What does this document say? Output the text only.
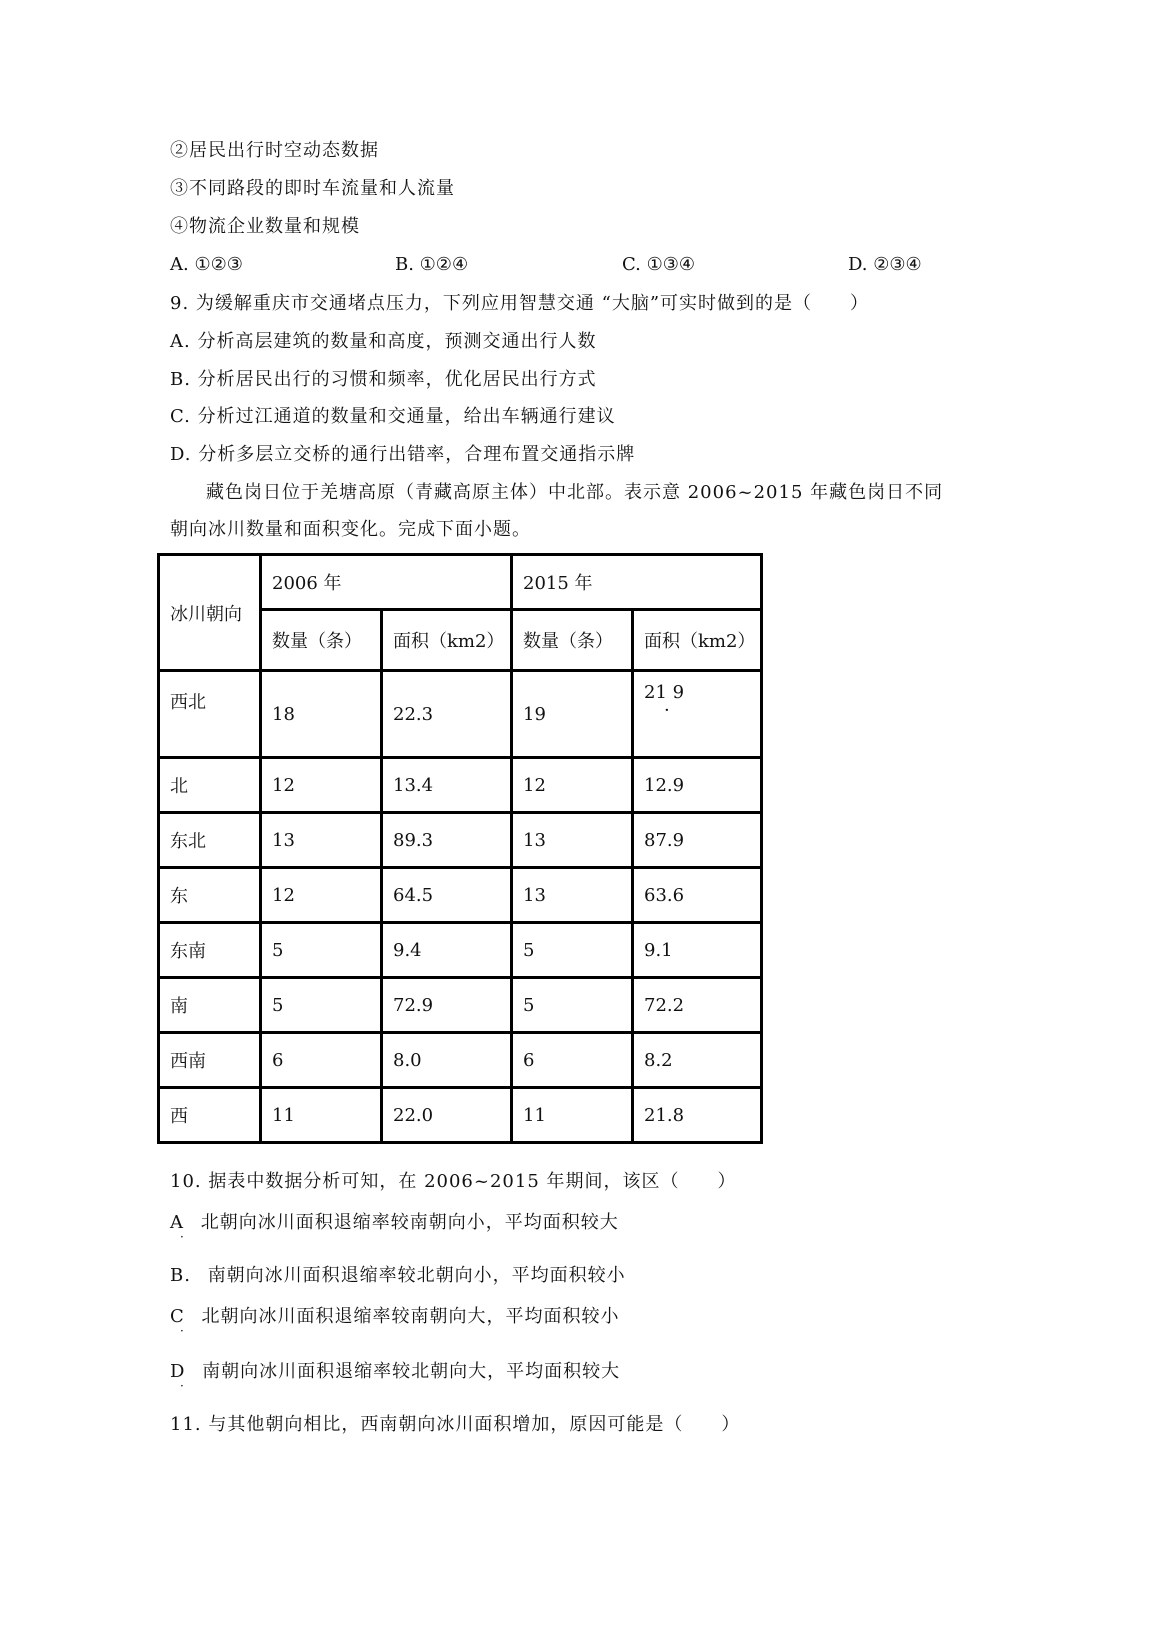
②居民出行时空动态数据
③不同路段的即时车流量和人流量
④物流企业数量和规模
A. ①②③	B. ①②④	C. ①③④	D. ②③④
9. 为缓解重庆市交通堵点压力，下列应用智慧交通 “大脑”可实时做到的是（　　）
A. 分析高层建筑的数量和高度，预测交通出行人数
B. 分析居民出行的习惯和频率，优化居民出行方式
C. 分析过江通道的数量和交通量，给出车辆通行建议
D. 分析多层立交桥的通行出错率，合理布置交通指示牌
藏色岗日位于羌塘高原（青藏高原主体）中北部。表示意 2006~2015 年藏色岗日不同
朝向冰川数量和面积变化。完成下面小题。
冰川朝向	2006 年		2015 年	
	数量（条）	面积（km2）	数量（条）	面积（km2）
西北	18	22.3	19	21 9
·
北	12	13.4	12	12.9
东北	13	89.3	13	87.9
东	12	64.5	13	63.6
东南	5	9.4	5	9.1
南	5	72.9	5	72.2
西南	6	8.0	6	8.2
西	11	22.0	11	21.8
10. 据表中数据分析可知，在 2006~2015 年期间，该区（　　）
A 北朝向冰川面积退缩率较南朝向小，平均面积较大
·
B. 南朝向冰川面积退缩率较北朝向小，平均面积较小
C 北朝向冰川面积退缩率较南朝向大，平均面积较小
·
D 南朝向冰川面积退缩率较北朝向大，平均面积较大
·
11. 与其他朝向相比，西南朝向冰川面积增加，原因可能是（　　）
